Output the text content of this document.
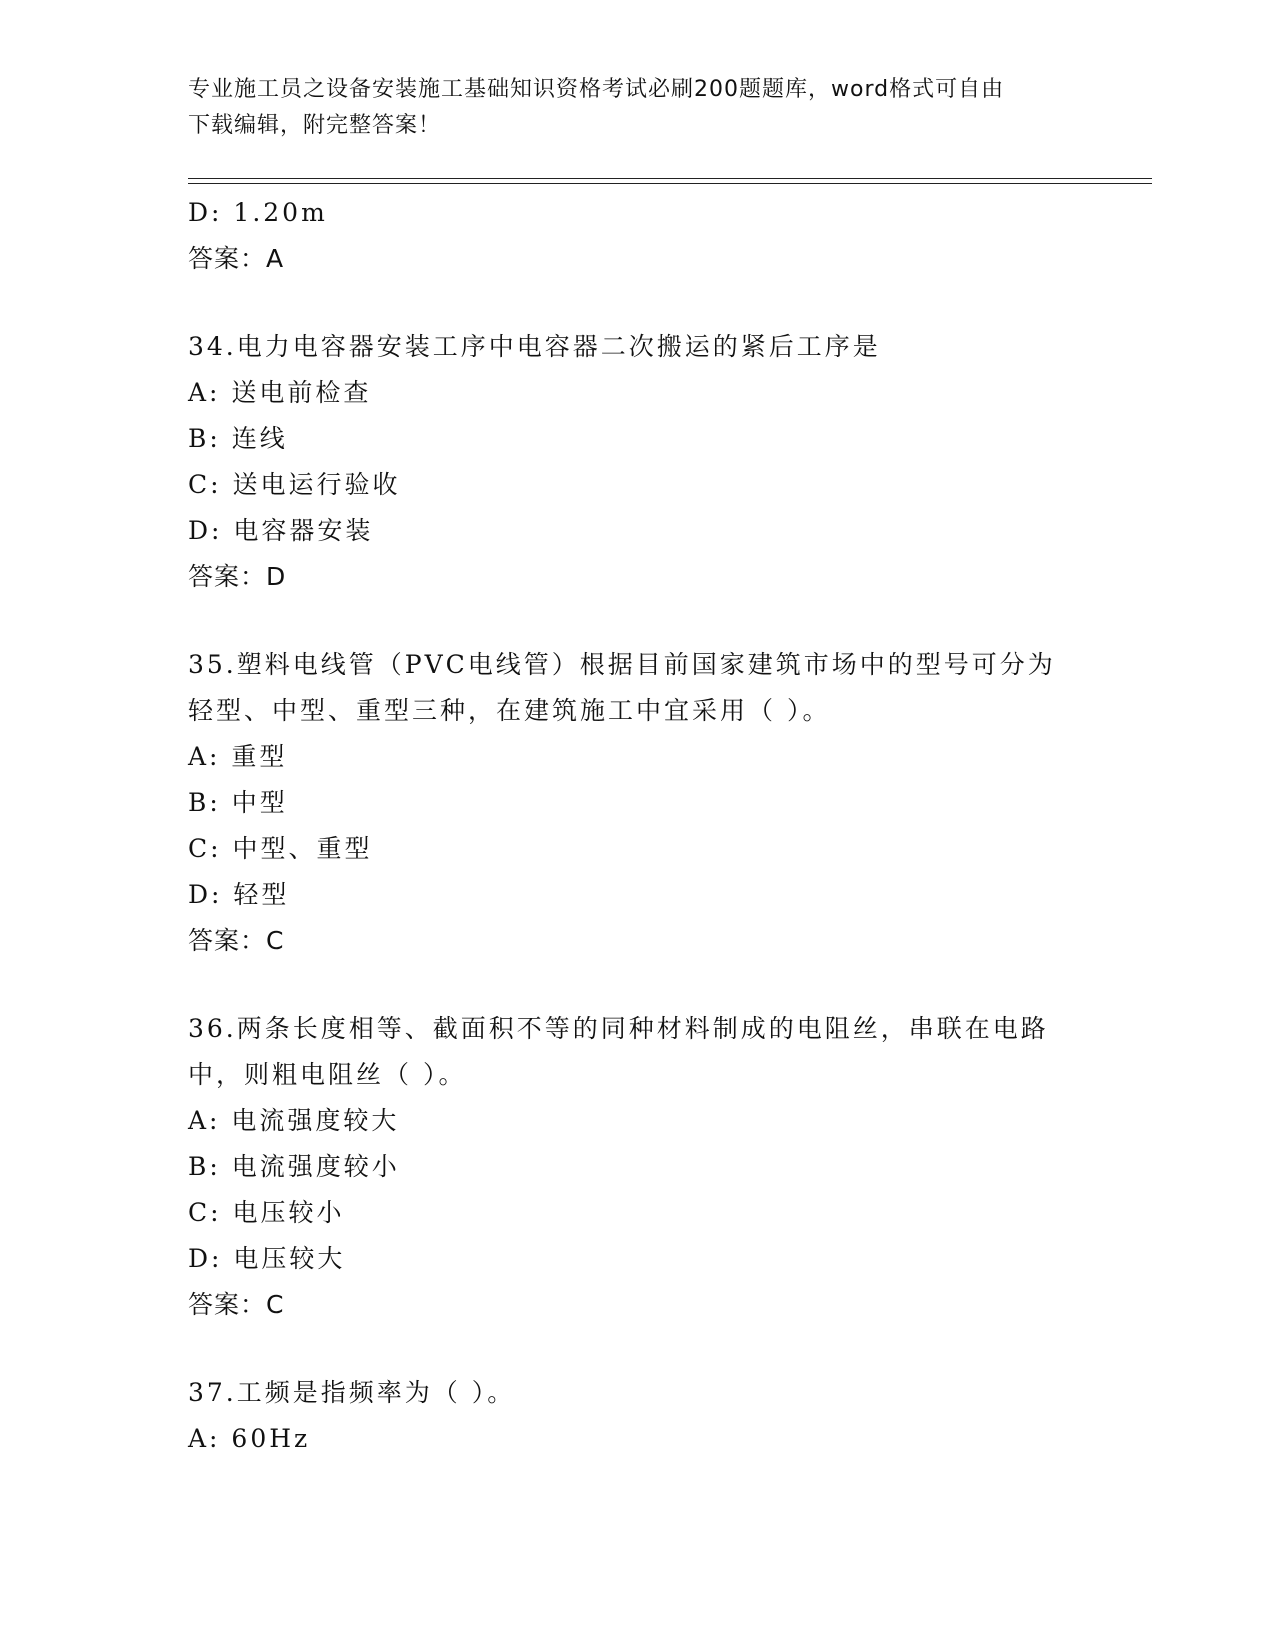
专业施工员之设备安装施工基础知识资格考试必刷200题题库，word格式可自由
下载编辑，附完整答案！
D: 1.20m
答案：A
34.电力电容器安装工序中电容器二次搬运的紧后工序是
A: 送电前检查
B: 连线
C: 送电运行验收
D: 电容器安装
答案：D
35.塑料电线管（PVC电线管）根据目前国家建筑市场中的型号可分为
轻型、中型、重型三种，在建筑施工中宜采用（ ）。
A: 重型
B: 中型
C: 中型、重型
D: 轻型
答案：C
36.两条长度相等、截面积不等的同种材料制成的电阻丝，串联在电路
中，则粗电阻丝（ ）。
A: 电流强度较大
B: 电流强度较小
C: 电压较小
D: 电压较大
答案：C
37.工频是指频率为（ ）。
A: 60Hz
